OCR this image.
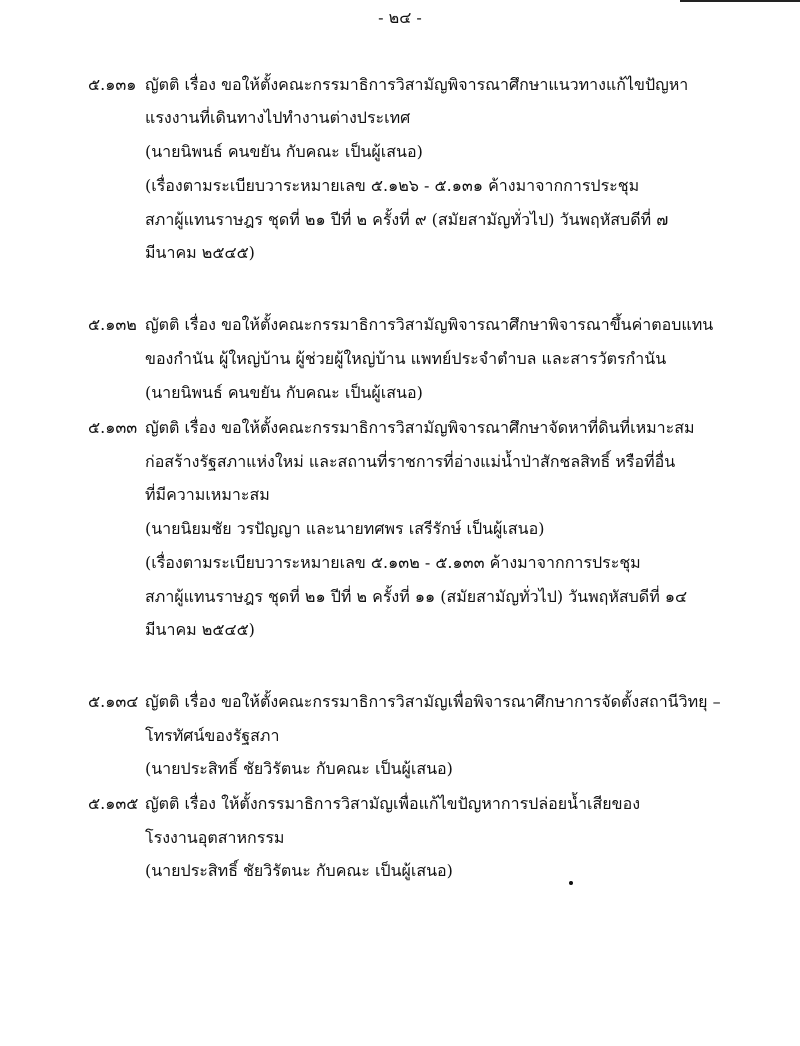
- ๒๔ -
๕.๑๓๑ ญัตติ เรื่อง ขอให้ตั้งคณะกรรมาธิการวิสามัญพิจารณาศึกษาแนวทางแก้ไขปัญหา
แรงงานที่เดินทางไปทำงานต่างประเทศ
(นายนิพนธ์ คนขยัน กับคณะ เป็นผู้เสนอ)
(เรื่องตามระเบียบวาระหมายเลข ๕.๑๒๖ - ๕.๑๓๑ ค้างมาจากการประชุม
สภาผู้แทนราษฎร ชุดที่ ๒๑ ปีที่ ๒ ครั้งที่ ๙ (สมัยสามัญทั่วไป) วันพฤหัสบดีที่ ๗
มีนาคม ๒๕๔๕)
๕.๑๓๒ ญัตติ เรื่อง ขอให้ตั้งคณะกรรมาธิการวิสามัญพิจารณาศึกษาพิจารณาขึ้นค่าตอบแทน
ของกำนัน ผู้ใหญ่บ้าน ผู้ช่วยผู้ใหญ่บ้าน แพทย์ประจำตำบล และสารวัตรกำนัน
(นายนิพนธ์ คนขยัน กับคณะ เป็นผู้เสนอ)
๕.๑๓๓ ญัตติ เรื่อง ขอให้ตั้งคณะกรรมาธิการวิสามัญพิจารณาศึกษาจัดหาที่ดินที่เหมาะสม
ก่อสร้างรัฐสภาแห่งใหม่ และสถานที่ราชการที่อ่างแม่น้ำป่าสักชลสิทธิ์ หรือที่อื่น
ที่มีความเหมาะสม
(นายนิยมชัย วรปัญญา และนายทศพร เสรีรักษ์ เป็นผู้เสนอ)
(เรื่องตามระเบียบวาระหมายเลข ๕.๑๓๒ - ๕.๑๓๓ ค้างมาจากการประชุม
สภาผู้แทนราษฎร ชุดที่ ๒๑ ปีที่ ๒ ครั้งที่ ๑๑ (สมัยสามัญทั่วไป) วันพฤหัสบดีที่ ๑๔
มีนาคม ๒๕๔๕)
๕.๑๓๔ ญัตติ เรื่อง ขอให้ตั้งคณะกรรมาธิการวิสามัญเพื่อพิจารณาศึกษาการจัดตั้งสถานีวิทยุ –
โทรทัศน์ของรัฐสภา
(นายประสิทธิ์ ชัยวิรัตนะ กับคณะ เป็นผู้เสนอ)
๕.๑๓๕ ญัตติ เรื่อง ให้ตั้งกรรมาธิการวิสามัญเพื่อแก้ไขปัญหาการปล่อยน้ำเสียของ
โรงงานอุตสาหกรรม
(นายประสิทธิ์ ชัยวิรัตนะ กับคณะ เป็นผู้เสนอ)
